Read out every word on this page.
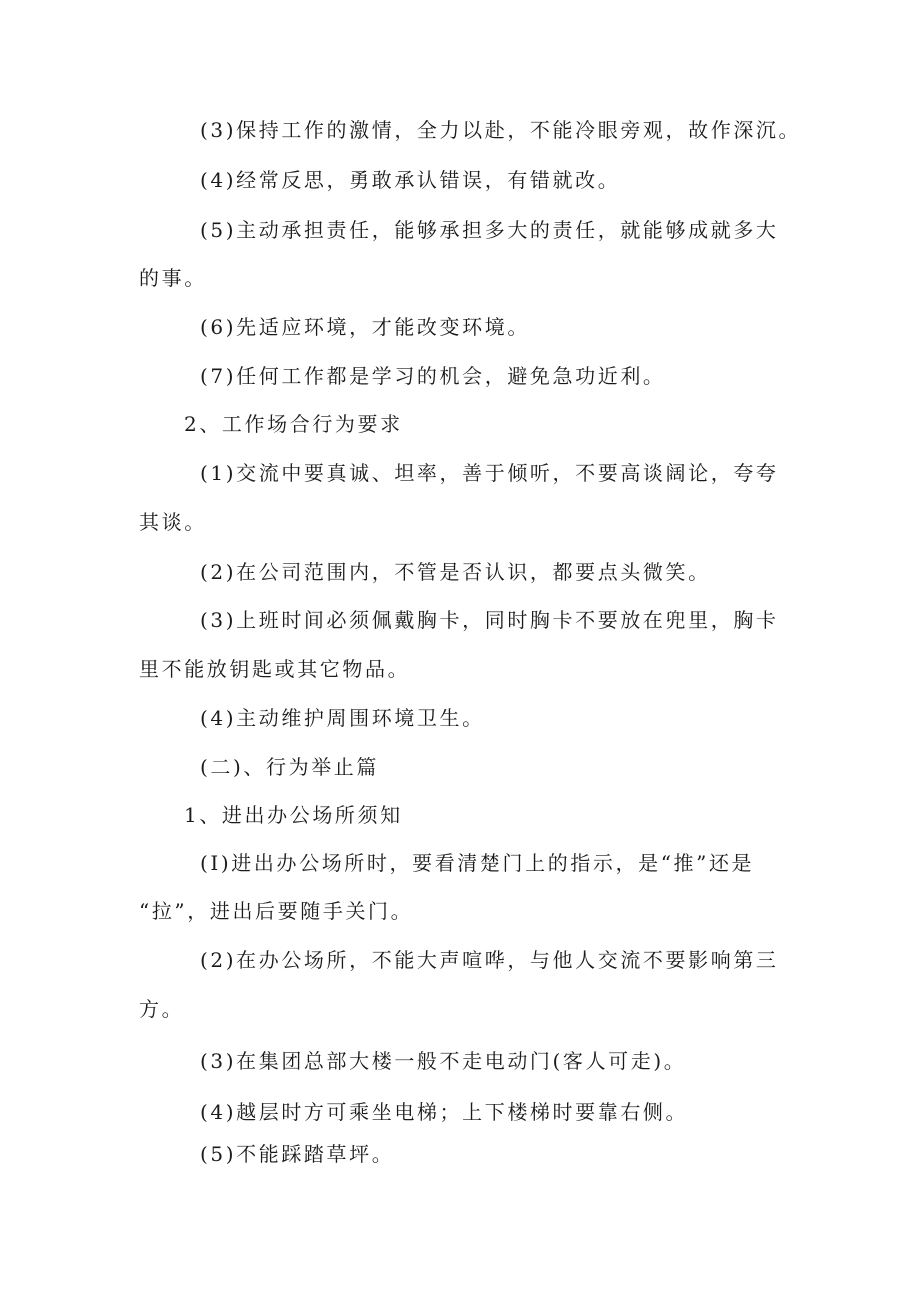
(3)保持工作的激情，全力以赴，不能冷眼旁观，故作深沉。
(4)经常反思，勇敢承认错误，有错就改。
(5)主动承担责任，能够承担多大的责任，就能够成就多大
的事。
(6)先适应环境，才能改变环境。
(7)任何工作都是学习的机会，避免急功近利。
2、工作场合行为要求
(1)交流中要真诚、坦率，善于倾听，不要高谈阔论，夸夸
其谈。
(2)在公司范围内，不管是否认识，都要点头微笑。
(3)上班时间必须佩戴胸卡，同时胸卡不要放在兜里，胸卡
里不能放钥匙或其它物品。
(4)主动维护周围环境卫生。
(二)、行为举止篇
1、进出办公场所须知
(I)进出办公场所时，要看清楚门上的指示，是“推”还是
“拉”，进出后要随手关门。
(2)在办公场所，不能大声喧哗，与他人交流不要影响第三
方。
(3)在集团总部大楼一般不走电动门(客人可走)。
(4)越层时方可乘坐电梯；上下楼梯时要靠右侧。
(5)不能踩踏草坪。
